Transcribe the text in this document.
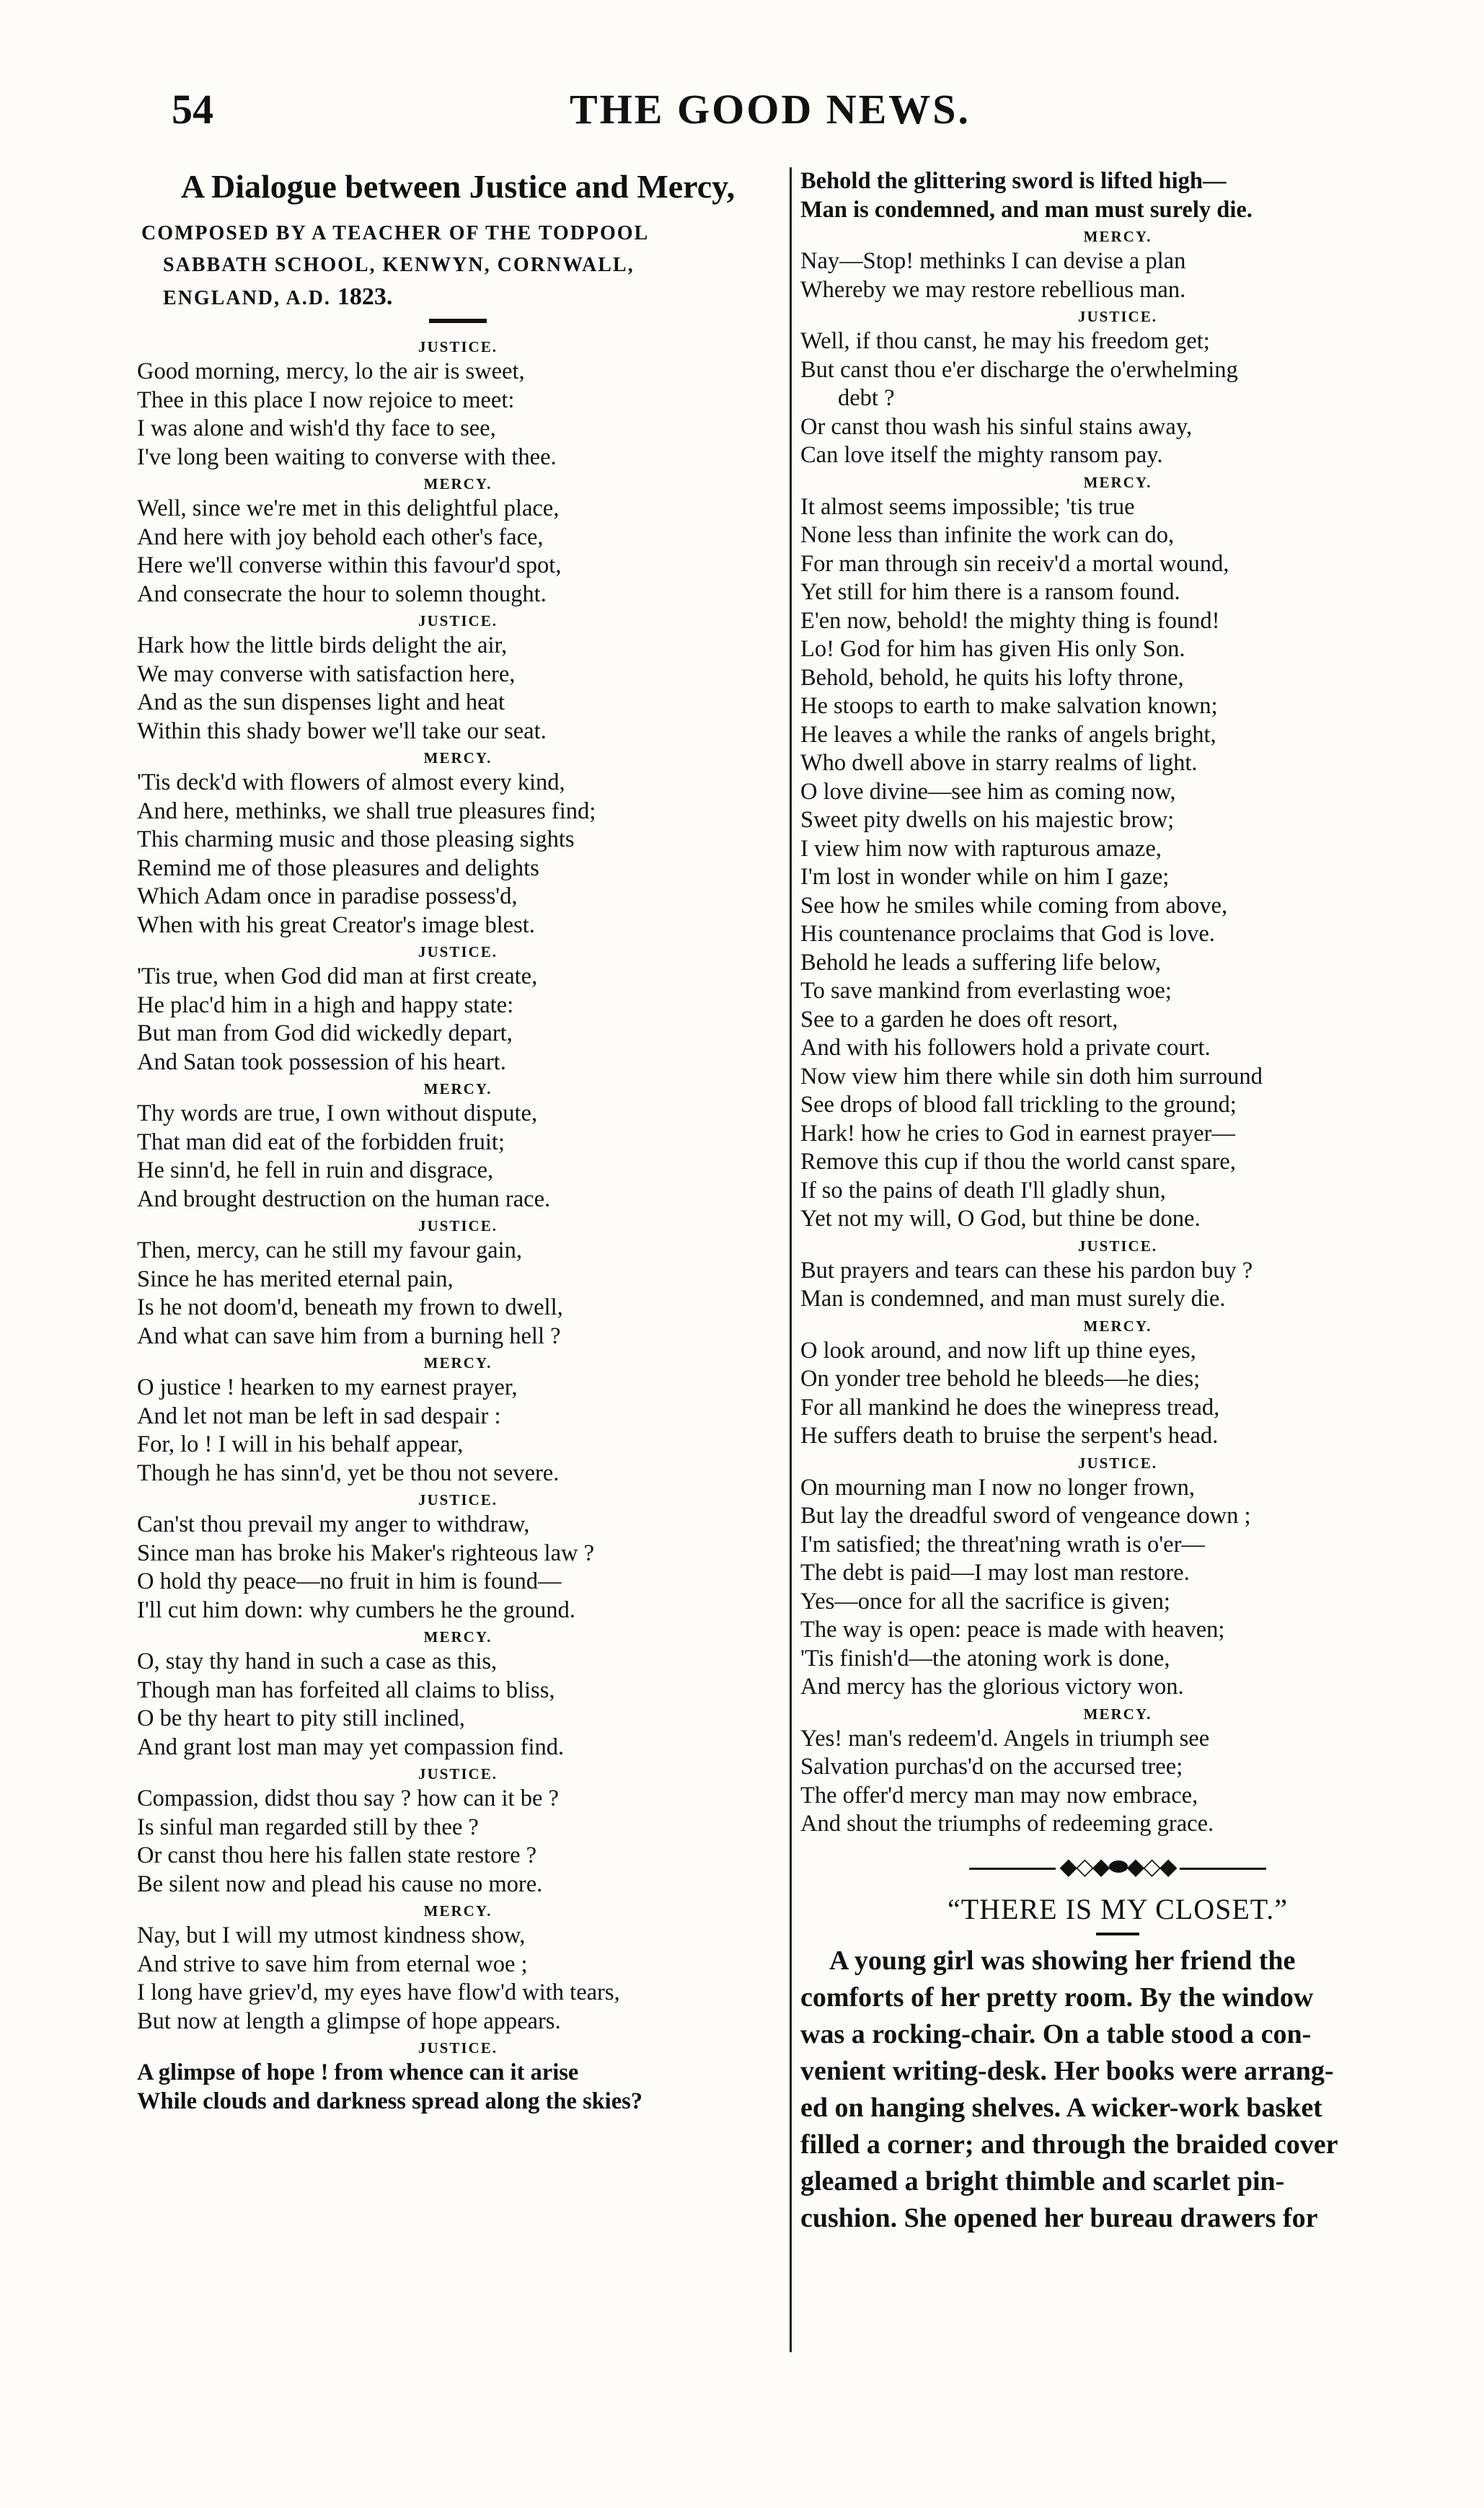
54	THE GOOD NEWS.
A Dialogue between Justice and Mercy,
COMPOSED BY A TEACHER OF THE TODPOOL
SABBATH SCHOOL, KENWYN, CORNWALL,
ENGLAND, A.D. 1823.
JUSTICE.
Good morning, mercy, lo the air is sweet,
Thee in this place I now rejoice to meet:
I was alone and wish'd thy face to see,
I've long been waiting to converse with thee.
MERCY.
Well, since we're met in this delightful place,
And here with joy behold each other's face,
Here we'll converse within this favour'd spot,
And consecrate the hour to solemn thought.
JUSTICE.
Hark how the little birds delight the air,
We may converse with satisfaction here,
And as the sun dispenses light and heat
Within this shady bower we'll take our seat.
MERCY.
'Tis deck'd with flowers of almost every kind,
And here, methinks, we shall true pleasures find;
This charming music and those pleasing sights
Remind me of those pleasures and delights
Which Adam once in paradise possess'd,
When with his great Creator's image blest.
JUSTICE.
'Tis true, when God did man at first create,
He plac'd him in a high and happy state:
But man from God did wickedly depart,
And Satan took possession of his heart.
MERCY.
Thy words are true, I own without dispute,
That man did eat of the forbidden fruit;
He sinn'd, he fell in ruin and disgrace,
And brought destruction on the human race.
JUSTICE.
Then, mercy, can he still my favour gain,
Since he has merited eternal pain,
Is he not doom'd, beneath my frown to dwell,
And what can save him from a burning hell ?
MERCY.
O justice ! hearken to my earnest prayer,
And let not man be left in sad despair :
For, lo ! I will in his behalf appear,
Though he has sinn'd, yet be thou not severe.
JUSTICE.
Can'st thou prevail my anger to withdraw,
Since man has broke his Maker's righteous law ?
O hold thy peace—no fruit in him is found—
I'll cut him down: why cumbers he the ground.
MERCY.
O, stay thy hand in such a case as this,
Though man has forfeited all claims to bliss,
O be thy heart to pity still inclined,
And grant lost man may yet compassion find.
JUSTICE.
Compassion, didst thou say ? how can it be ?
Is sinful man regarded still by thee ?
Or canst thou here his fallen state restore ?
Be silent now and plead his cause no more.
MERCY.
Nay, but I will my utmost kindness show,
And strive to save him from eternal woe ;
I long have griev'd, my eyes have flow'd with tears,
But now at length a glimpse of hope appears.
JUSTICE.
A glimpse of hope ! from whence can it arise
While clouds and darkness spread along the skies?
Behold the glittering sword is lifted high—
Man is condemned, and man must surely die.
MERCY.
Nay—Stop! methinks I can devise a plan
Whereby we may restore rebellious man.
JUSTICE.
Well, if thou canst, he may his freedom get;
But canst thou e'er discharge the o'erwhelming
debt ?
Or canst thou wash his sinful stains away,
Can love itself the mighty ransom pay.
MERCY.
It almost seems impossible; 'tis true
None less than infinite the work can do,
For man through sin receiv'd a mortal wound,
Yet still for him there is a ransom found.
E'en now, behold! the mighty thing is found!
Lo! God for him has given His only Son.
Behold, behold, he quits his lofty throne,
He stoops to earth to make salvation known;
He leaves a while the ranks of angels bright,
Who dwell above in starry realms of light.
O love divine—see him as coming now,
Sweet pity dwells on his majestic brow;
I view him now with rapturous amaze,
I'm lost in wonder while on him I gaze;
See how he smiles while coming from above,
His countenance proclaims that God is love.
Behold he leads a suffering life below,
To save mankind from everlasting woe;
See to a garden he does oft resort,
And with his followers hold a private court.
Now view him there while sin doth him surround
See drops of blood fall trickling to the ground;
Hark! how he cries to God in earnest prayer—
Remove this cup if thou the world canst spare,
If so the pains of death I'll gladly shun,
Yet not my will, O God, but thine be done.
JUSTICE.
But prayers and tears can these his pardon buy ?
Man is condemned, and man must surely die.
MERCY.
O look around, and now lift up thine eyes,
On yonder tree behold he bleeds—he dies;
For all mankind he does the winepress tread,
He suffers death to bruise the serpent's head.
JUSTICE.
On mourning man I now no longer frown,
But lay the dreadful sword of vengeance down ;
I'm satisfied; the threat'ning wrath is o'er—
The debt is paid—I may lost man restore.
Yes—once for all the sacrifice is given;
The way is open: peace is made with heaven;
'Tis finish'd—the atoning work is done,
And mercy has the glorious victory won.
MERCY.
Yes! man's redeem'd. Angels in triumph see
Salvation purchas'd on the accursed tree;
The offer'd mercy man may now embrace,
And shout the triumphs of redeeming grace.
◆◇◆⬬◆◇◆
“THERE IS MY CLOSET.”
A young girl was showing her friend the
comforts of her pretty room. By the window
was a rocking-chair. On a table stood a con-
venient writing-desk. Her books were arrang-
ed on hanging shelves. A wicker-work basket
filled a corner; and through the braided cover
gleamed a bright thimble and scarlet pin-
cushion. She opened her bureau drawers for
